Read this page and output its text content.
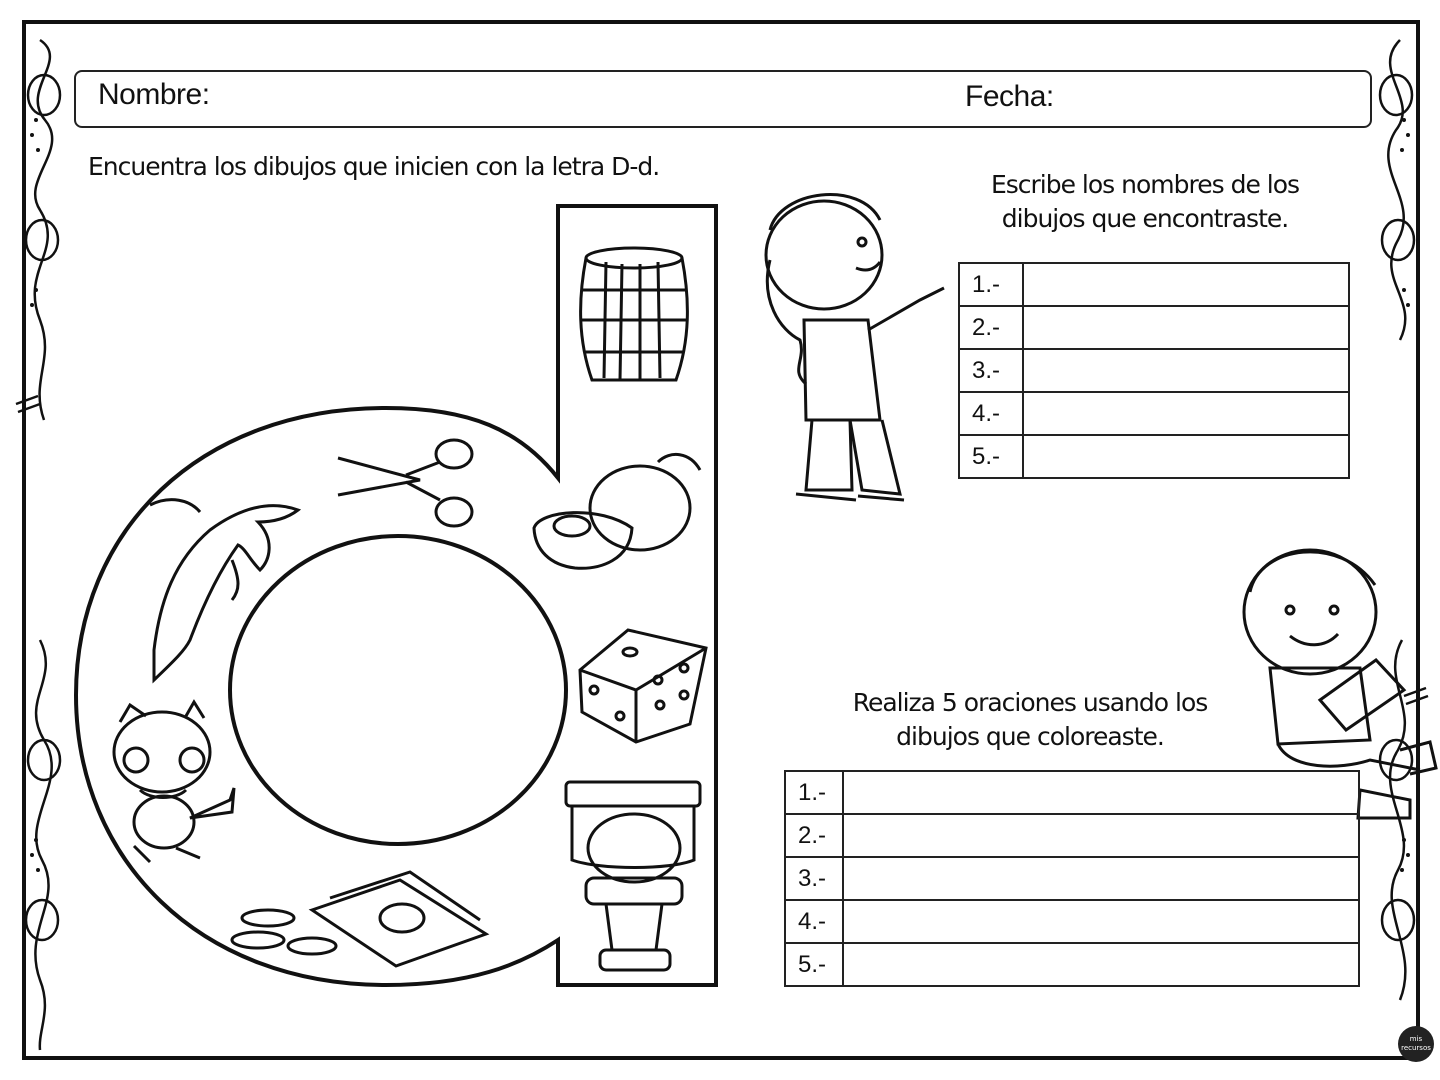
Nombre:	Fecha:
Encuentra los dibujos que inicien con la letra D-d.
Escribe los nombres de los
dibujos que encontraste.
Realiza 5 oraciones usando los
dibujos que coloreaste.
1.-	
2.-	
3.-	
4.-	
5.-	
1.-	
2.-	
3.-	
4.-	
5.-	
mis recursos
